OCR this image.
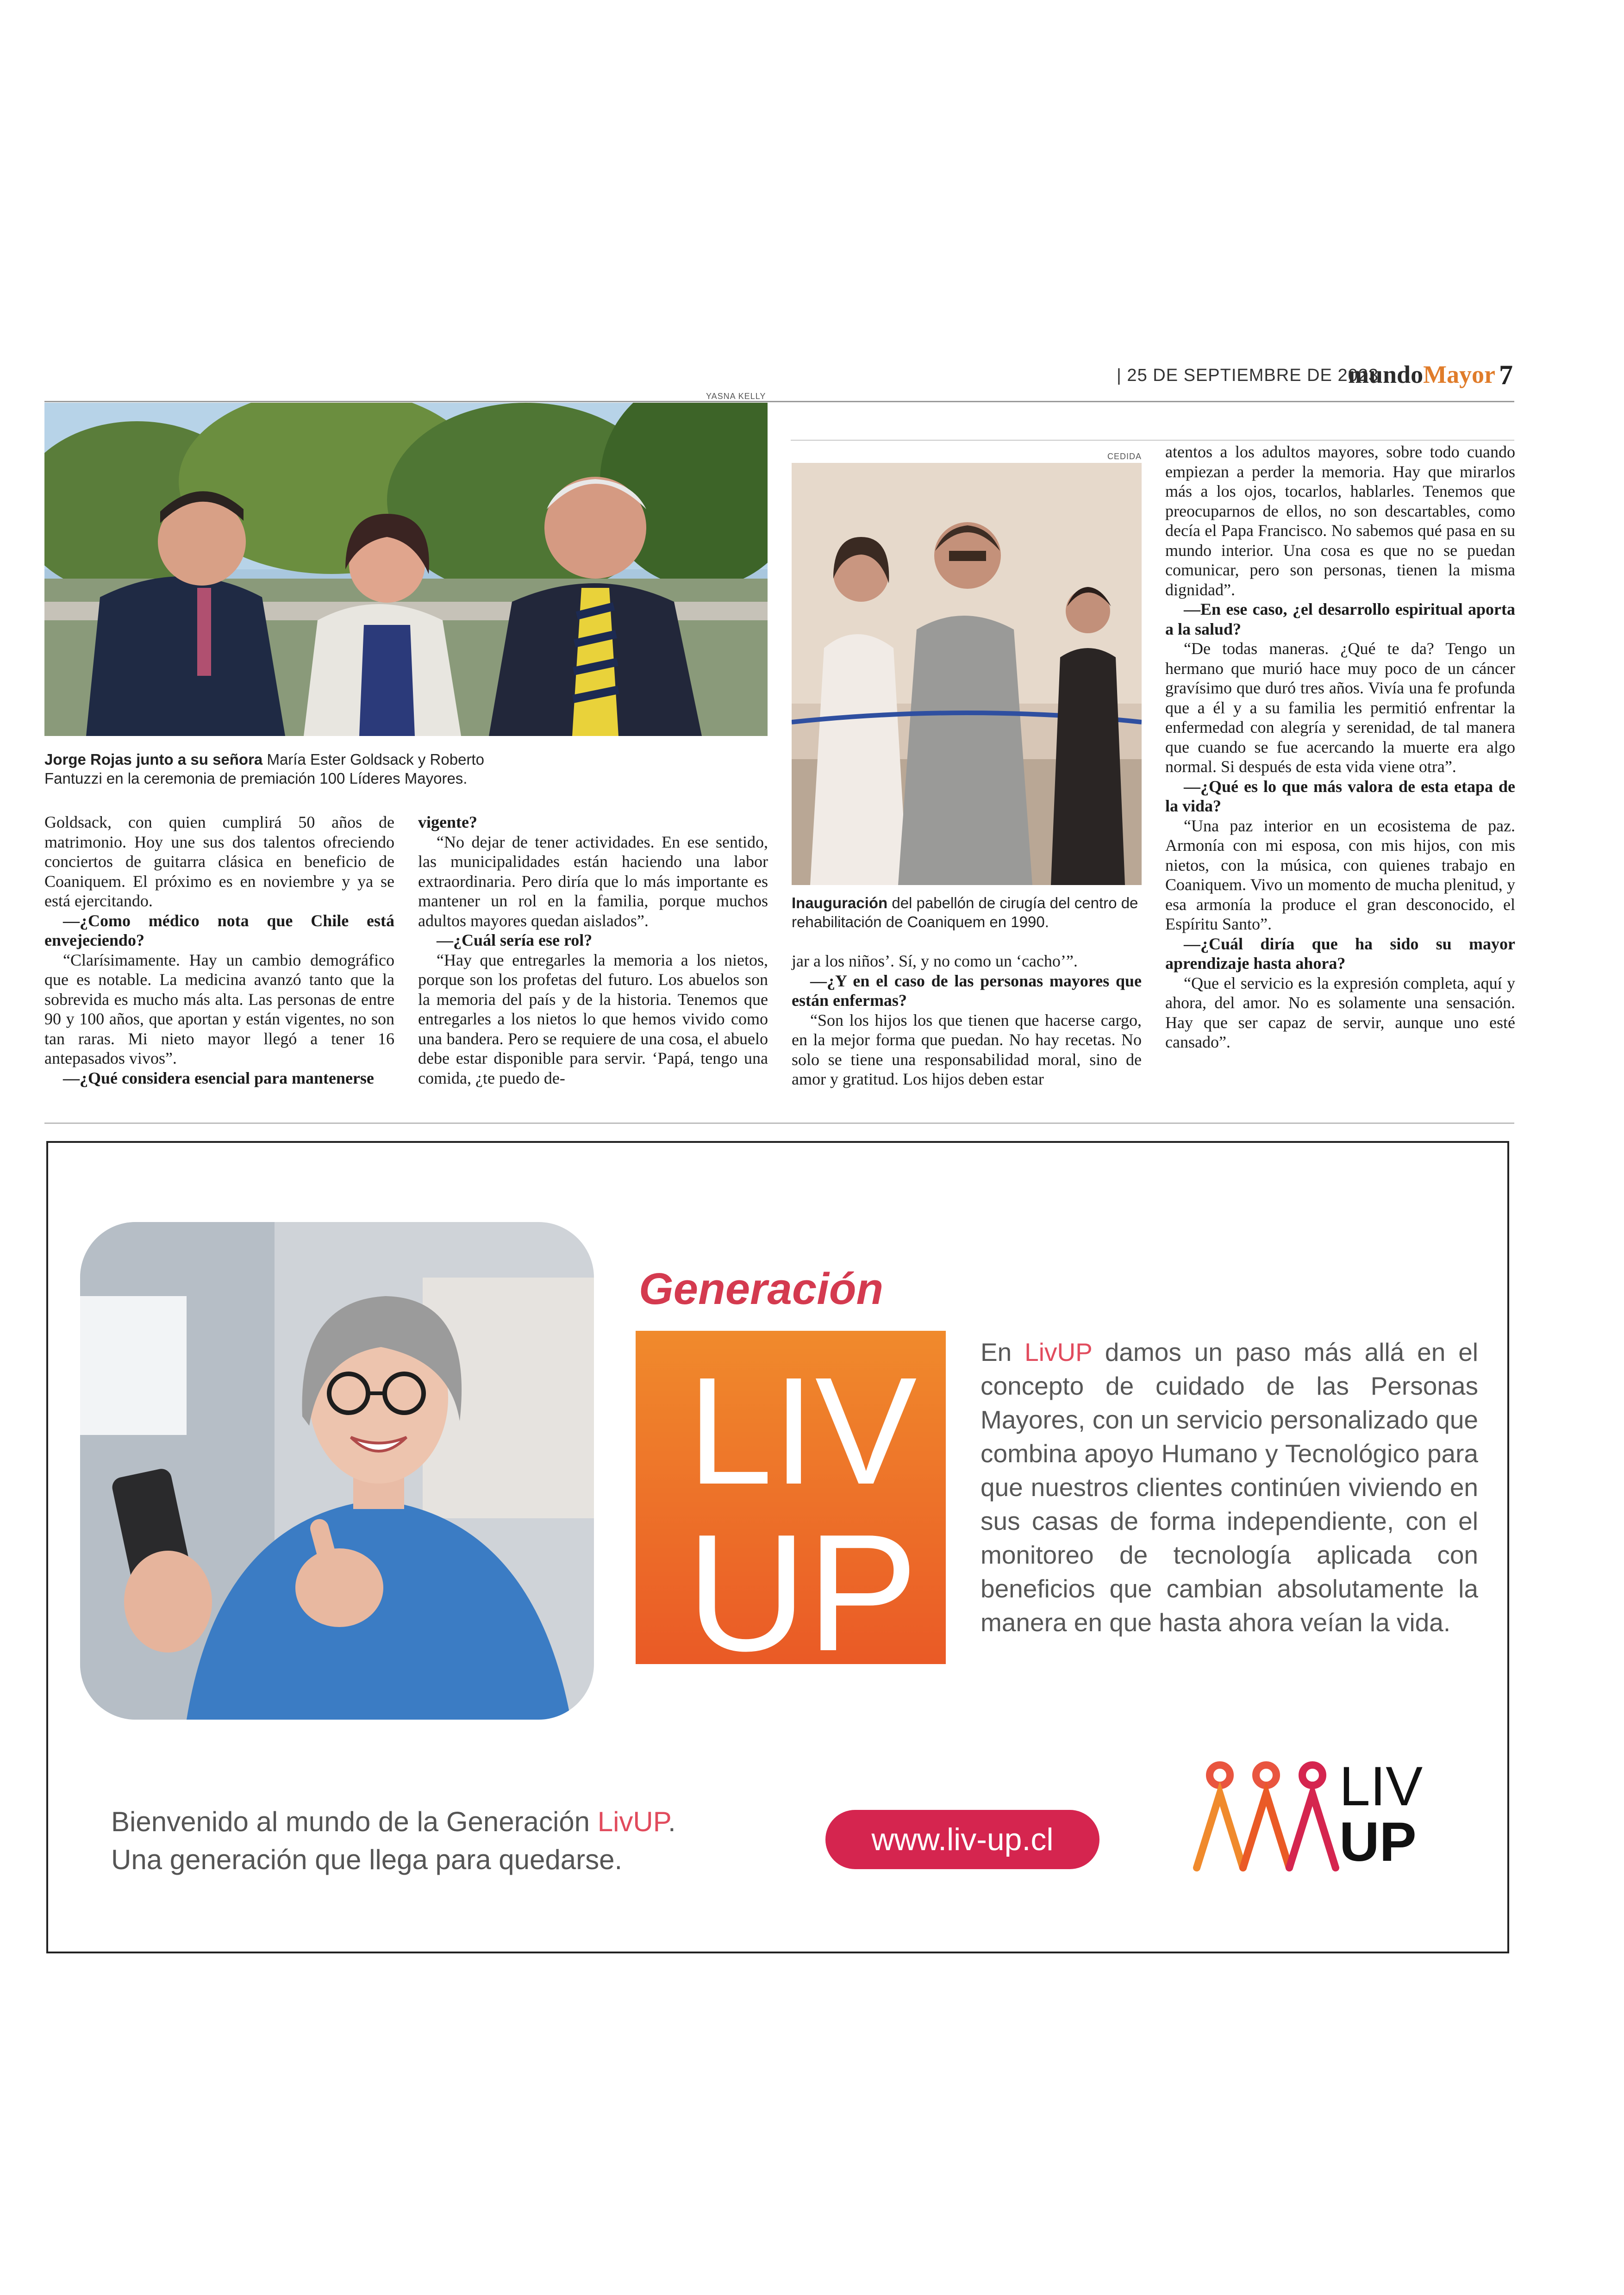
| 25 DE SEPTIEMBRE DE 2023
mundoMayor 7
YASNA KELLY
Jorge Rojas junto a su señora María Ester Goldsack y Roberto Fantuzzi en la ceremonia de premiación 100 Líderes Mayores.

Goldsack, con quien cumplirá 50 años de matrimonio. Hoy une sus dos talentos ofreciendo conciertos de guitarra clásica en beneficio de Coaniquem. El próximo es en noviembre y ya se está ejercitando.

—¿Como médico nota que Chile está envejeciendo?

“Clarísimamente. Hay un cambio demográfico que es notable. La medicina avanzó tanto que la sobrevida es mucho más alta. Las personas de entre 90 y 100 años, que aportan y están vigentes, no son tan raras. Mi nieto mayor llegó a tener 16 antepasados vivos”.

—¿Qué considera esencial para mantenerse

vigente?

“No dejar de tener actividades. En ese sentido, las municipalidades están haciendo una labor extraordinaria. Pero diría que lo más importante es mantener un rol en la familia, porque muchos adultos mayores quedan aislados”.

—¿Cuál sería ese rol?

“Hay que entregarles la memoria a los nietos, porque son los profetas del futuro. Los abuelos son la memoria del país y de la historia. Tenemos que entregarles a los nietos lo que hemos vivido como una bandera. Pero se requiere de una cosa, el abuelo debe estar disponible para servir. ‘Papá, tengo una comida, ¿te puedo de-

CEDIDA
Inauguración del pabellón de cirugía del centro de rehabilitación de Coaniquem en 1990.

jar a los niños’. Sí, y no como un ‘cacho’”.

—¿Y en el caso de las personas mayores que están enfermas?

“Son los hijos los que tienen que hacerse cargo, en la mejor forma que puedan. No hay recetas. No solo se tiene una responsabilidad moral, sino de amor y gratitud. Los hijos deben estar

atentos a los adultos mayores, sobre todo cuando empiezan a perder la memoria. Hay que mirarlos más a los ojos, tocarlos, hablarles. Tenemos que preocuparnos de ellos, no son descartables, como decía el Papa Francisco. No sabemos qué pasa en su mundo interior. Una cosa es que no se puedan comunicar, pero son personas, tienen la misma dignidad”.

—En ese caso, ¿el desarrollo espiritual aporta a la salud?

“De todas maneras. ¿Qué te da? Tengo un hermano que murió hace muy poco de un cáncer gravísimo que duró tres años. Vivía una fe profunda que a él y a su familia les permitió enfrentar la enfermedad con alegría y serenidad, de tal manera que cuando se fue acercando la muerte era algo normal. Si después de esta vida viene otra”.

—¿Qué es lo que más valora de esta etapa de la vida?

“Una paz interior en un ecosistema de paz. Armonía con mi esposa, con mis hijos, con mis nietos, con la música, con quienes trabajo en Coaniquem. Vivo un momento de mucha plenitud, y esa armonía la produce el gran desconocido, el Espíritu Santo”.

—¿Cuál diría que ha sido su mayor aprendizaje hasta ahora?

“Que el servicio es la expresión completa, aquí y ahora, del amor. No es solamente una sensación. Hay que ser capaz de servir, aunque uno esté cansado”.

LIV
UP
Generación
En LivUP damos un paso más allá en el concepto de cuidado de las Personas Mayores, con un servicio personalizado que combina apoyo Humano y Tecnológico para que nuestros clientes continúen viviendo en sus casas de forma independiente, con el monitoreo de tecnología aplicada con beneficios que cambian absolutamente la manera en que hasta ahora veían la vida.
Bienvenido al mundo de la Generación LivUP.
Una generación que llega para quedarse.
www.liv-up.cl
LIV
UP
